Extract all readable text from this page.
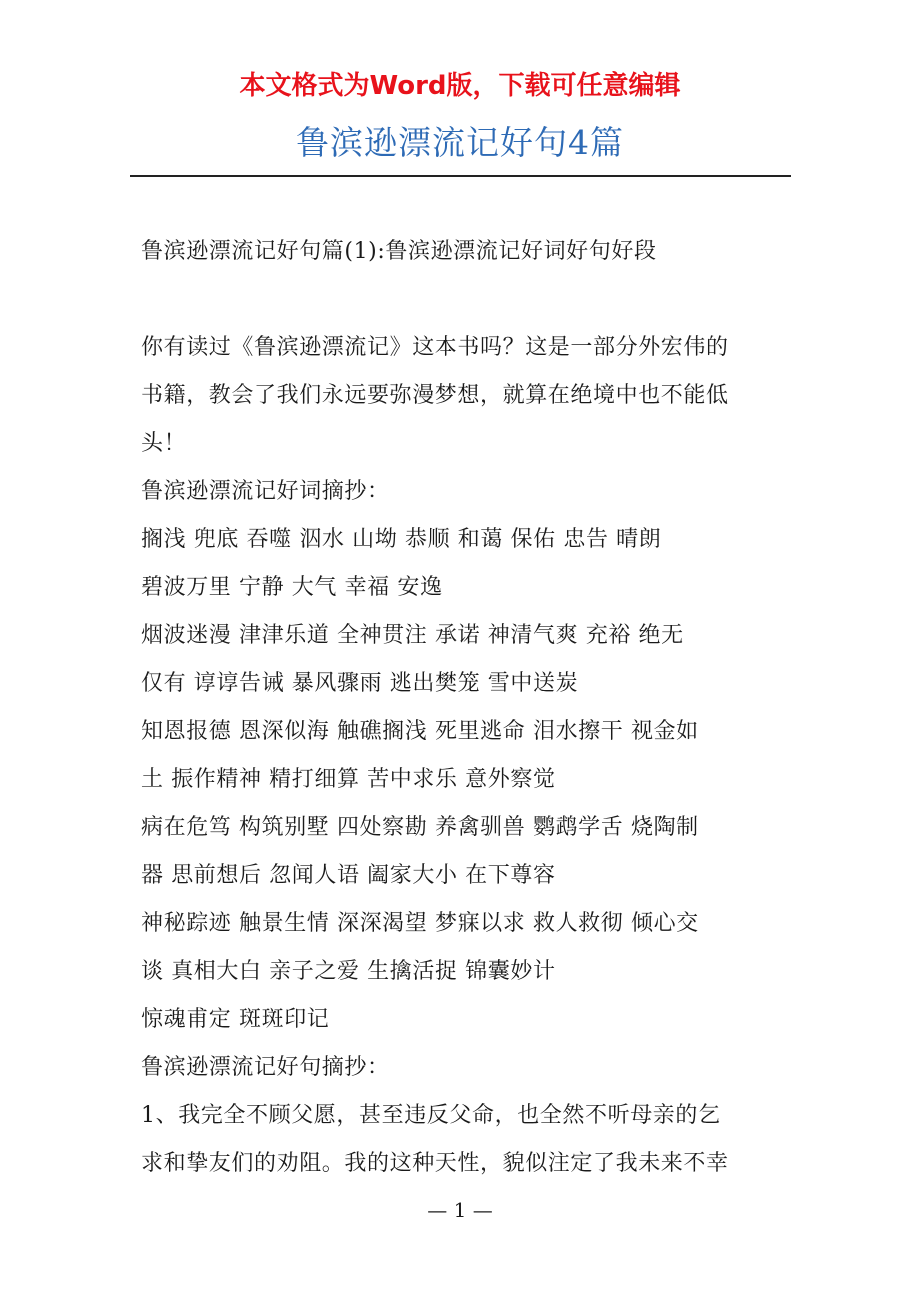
本文格式为Word版，下载可任意编辑
鲁滨逊漂流记好句4篇

鲁滨逊漂流记好句篇(1):鲁滨逊漂流记好词好句好段

你有读过《鲁滨逊漂流记》这本书吗？这是一部分外宏伟的

书籍，教会了我们永远要弥漫梦想，就算在绝境中也不能低

头！

鲁滨逊漂流记好词摘抄：

搁浅 兜底 吞噬 泅水 山坳 恭顺 和蔼 保佑 忠告 晴朗

碧波万里 宁静 大气 幸福 安逸

烟波迷漫 津津乐道 全神贯注 承诺 神清气爽 充裕 绝无

仅有 谆谆告诫 暴风骤雨 逃出樊笼 雪中送炭

知恩报德 恩深似海 触礁搁浅 死里逃命 泪水擦干 视金如

土 振作精神 精打细算 苦中求乐 意外察觉

病在危笃 构筑别墅 四处察勘 养禽驯兽 鹦鹉学舌 烧陶制

器 思前想后 忽闻人语 阖家大小 在下尊容

神秘踪迹 触景生情 深深渴望 梦寐以求 救人救彻 倾心交

谈 真相大白 亲子之爱 生擒活捉 锦囊妙计

惊魂甫定 斑斑印记

鲁滨逊漂流记好句摘抄：

1、我完全不顾父愿，甚至违反父命，也全然不听母亲的乞

求和挚友们的劝阻。我的这种天性，貌似注定了我未来不幸

— 1 —
